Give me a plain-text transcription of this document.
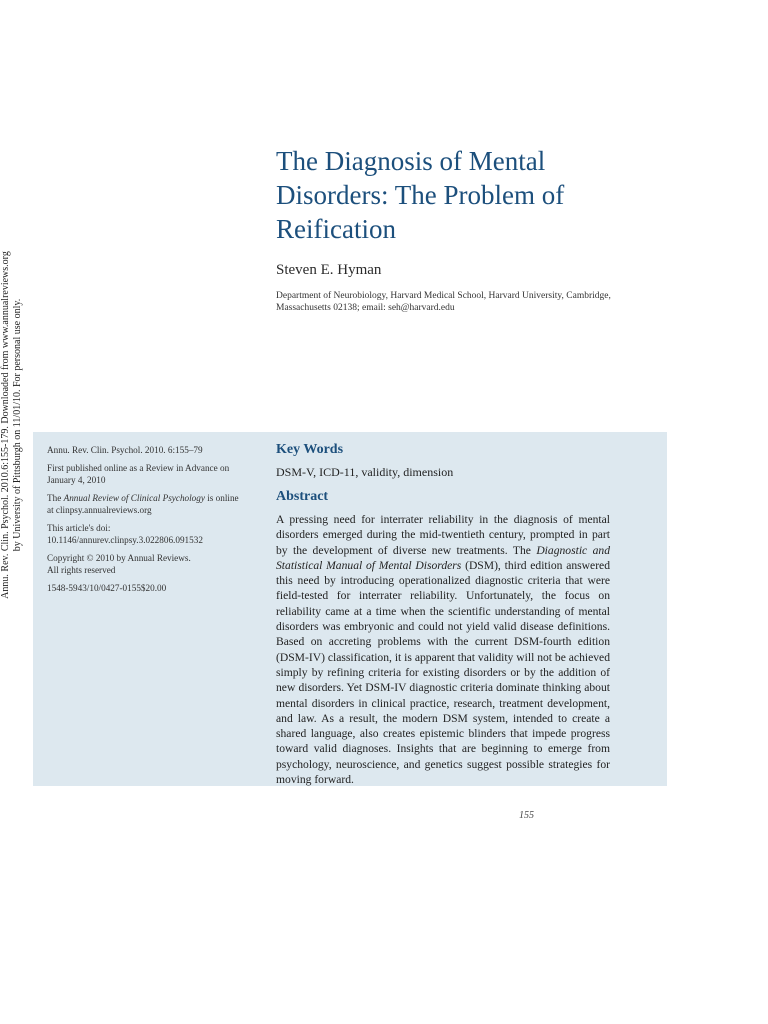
Annu. Rev. Clin. Psychol. 2010.6:155-179. Downloaded from www.annualreviews.org by University of Pittsburgh on 11/01/10. For personal use only.
The Diagnosis of Mental Disorders: The Problem of Reification
Steven E. Hyman
Department of Neurobiology, Harvard Medical School, Harvard University, Cambridge, Massachusetts 02138; email: seh@harvard.edu

Annu. Rev. Clin. Psychol. 2010. 6:155–79

First published online as a Review in Advance on January 4, 2010

The Annual Review of Clinical Psychology is online at clinpsy.annualreviews.org

This article's doi:
10.1146/annurev.clinpsy.3.022806.091532

Copyright © 2010 by Annual Reviews.
All rights reserved

1548-5943/10/0427-0155$20.00

Key Words
DSM-V, ICD-11, validity, dimension
Abstract

A pressing need for interrater reliability in the diagnosis of mental disorders emerged during the mid-twentieth century, prompted in part by the development of diverse new treatments. The Diagnostic and Statistical Manual of Mental Disorders (DSM), third edition answered this need by introducing operationalized diagnostic criteria that were field-tested for interrater reliability. Unfortunately, the focus on reliability came at a time when the scientific understanding of mental disorders was embryonic and could not yield valid disease definitions. Based on accreting problems with the current DSM-fourth edition (DSM-IV) classification, it is apparent that validity will not be achieved simply by refining criteria for existing disorders or by the addition of new disorders. Yet DSM-IV diagnostic criteria dominate thinking about mental disorders in clinical practice, research, treatment development, and law. As a result, the modern DSM system, intended to create a shared language, also creates epistemic blinders that impede progress toward valid diagnoses. Insights that are beginning to emerge from psychology, neuroscience, and genetics suggest possible strategies for moving forward.

155
